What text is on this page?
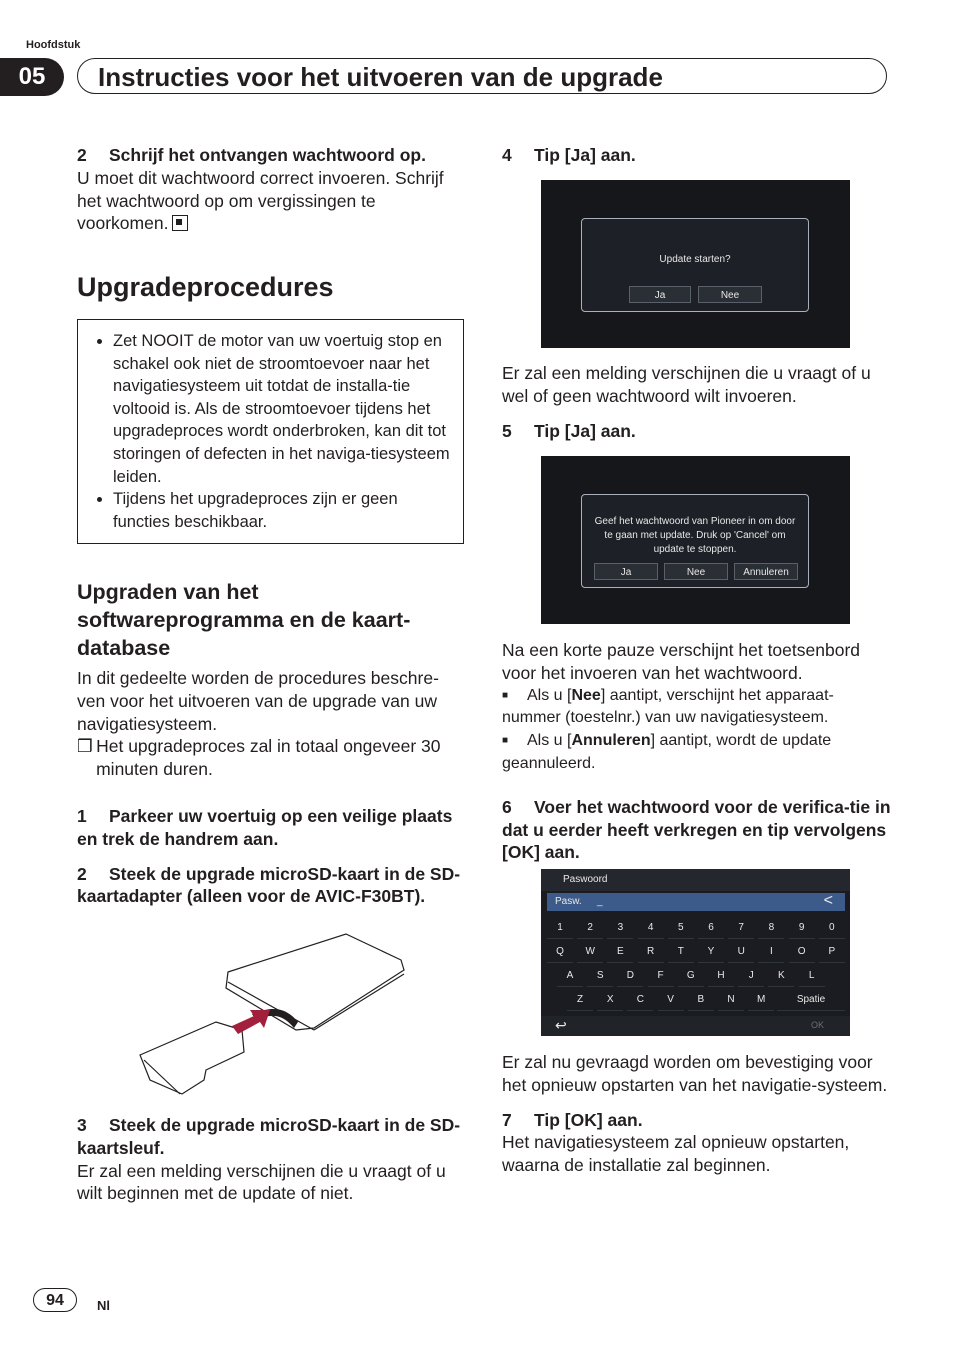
Hoofdstuk
05	Instructies voor het uitvoeren van de upgrade

2 Schrijf het ontvangen wachtwoord op.

U moet dit wachtwoord correct invoeren. Schrijf het wachtwoord op om vergissingen te voorkomen.

Upgradeprocedures
• Zet NOOIT de motor van uw voertuig stop en schakel ook niet de stroomtoevoer naar het navigatiesysteem uit totdat de installa-tie voltooid is. Als de stroomtoevoer tijdens het upgradeproces wordt onderbroken, kan dit tot storingen of defecten in het naviga-tiesysteem leiden.
• Tijdens het upgradeproces zijn er geen functies beschikbaar.
Upgraden van het softwareprogramma en de kaart-database

In dit gedeelte worden de procedures beschre-ven voor het uitvoeren van de upgrade van uw navigatiesysteem.

❒ Het upgradeproces zal in totaal ongeveer 30 minuten duren.

1 Parkeer uw voertuig op een veilige plaats en trek de handrem aan.

2 Steek de upgrade microSD-kaart in de SD-kaartadapter (alleen voor de AVIC-F30BT).

3 Steek de upgrade microSD-kaart in de SD-kaartsleuf.

Er zal een melding verschijnen die u vraagt of u wilt beginnen met de update of niet.

4 Tip [Ja] aan.

Update starten?
Ja	Nee

Er zal een melding verschijnen die u vraagt of u wel of geen wachtwoord wilt invoeren.

5 Tip [Ja] aan.

Geef het wachtwoord van Pioneer in om door
te gaan met update. Druk op 'Cancel' om
update te stoppen.
Ja	Nee	Annuleren

Na een korte pauze verschijnt het toetsenbord voor het invoeren van het wachtwoord.

■ Als u [Nee] aantipt, verschijnt het apparaat-nummer (toestelnr.) van uw navigatiesysteem.

■ Als u [Annuleren] aantipt, wordt de update geannuleerd.

6 Voer het wachtwoord voor de verifica-tie in dat u eerder heeft verkregen en tip vervolgens [OK] aan.

Paswoord
Pasw. _	<
1	2	3	4	5	6	7	8	9	0
Q	W	E	R	T	Y	U	I	O	P
A	S	D	F	G	H	J	K	L
Z	X	C	V	B	N	M	Spatie
↩	OK

Er zal nu gevraagd worden om bevestiging voor het opnieuw opstarten van het navigatie-systeem.

7 Tip [OK] aan.

Het navigatiesysteem zal opnieuw opstarten, waarna de installatie zal beginnen.

94	Nl
